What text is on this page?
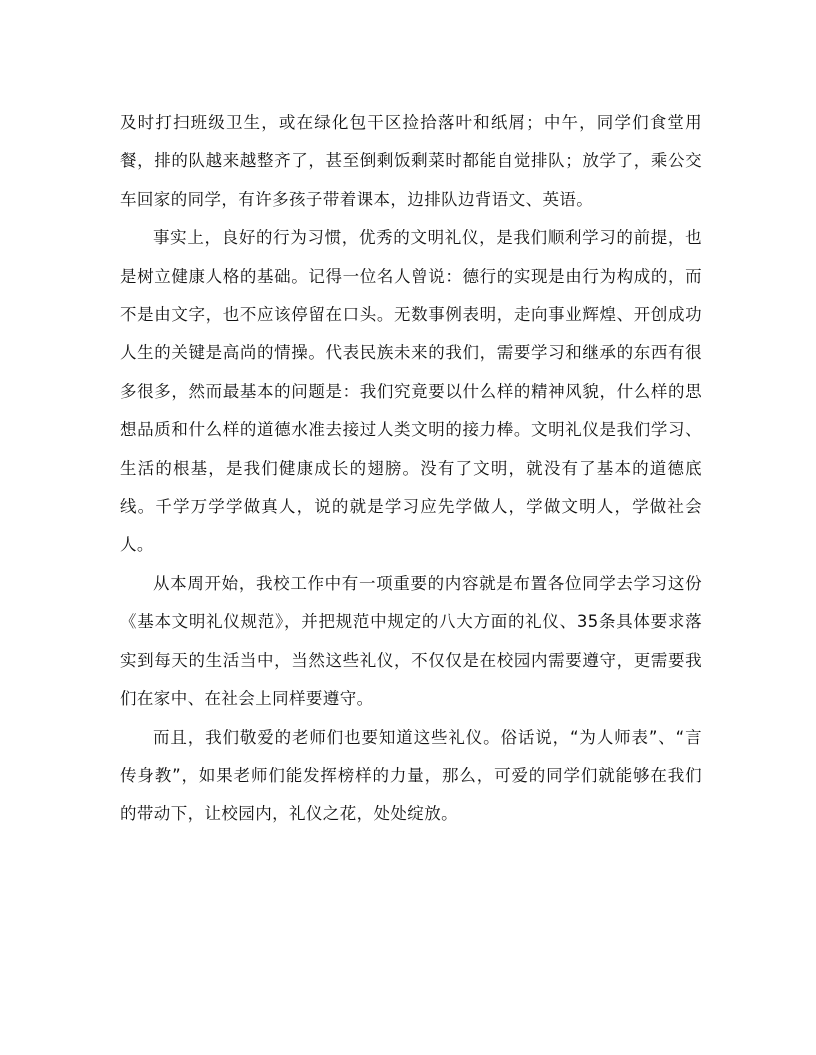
及时打扫班级卫生，或在绿化包干区捡拾落叶和纸屑；中午，同学们食堂用餐，排的队越来越整齐了，甚至倒剩饭剩菜时都能自觉排队；放学了，乘公交车回家的同学，有许多孩子带着课本，边排队边背语文、英语。

事实上，良好的行为习惯，优秀的文明礼仪，是我们顺利学习的前提，也是树立健康人格的基础。记得一位名人曾说：德行的实现是由行为构成的，而不是由文字，也不应该停留在口头。无数事例表明，走向事业辉煌、开创成功人生的关键是高尚的情操。代表民族未来的我们，需要学习和继承的东西有很多很多，然而最基本的问题是：我们究竟要以什么样的精神风貌，什么样的思想品质和什么样的道德水准去接过人类文明的接力棒。文明礼仪是我们学习、生活的根基，是我们健康成长的翅膀。没有了文明，就没有了基本的道德底线。千学万学学做真人，说的就是学习应先学做人，学做文明人，学做社会人。

从本周开始，我校工作中有一项重要的内容就是布置各位同学去学习这份《基本文明礼仪规范》，并把规范中规定的八大方面的礼仪、35条具体要求落实到每天的生活当中，当然这些礼仪，不仅仅是在校园内需要遵守，更需要我们在家中、在社会上同样要遵守。

而且，我们敬爱的老师们也要知道这些礼仪。俗话说，“为人师表”、“言传身教”，如果老师们能发挥榜样的力量，那么，可爱的同学们就能够在我们的带动下，让校园内，礼仪之花，处处绽放。
